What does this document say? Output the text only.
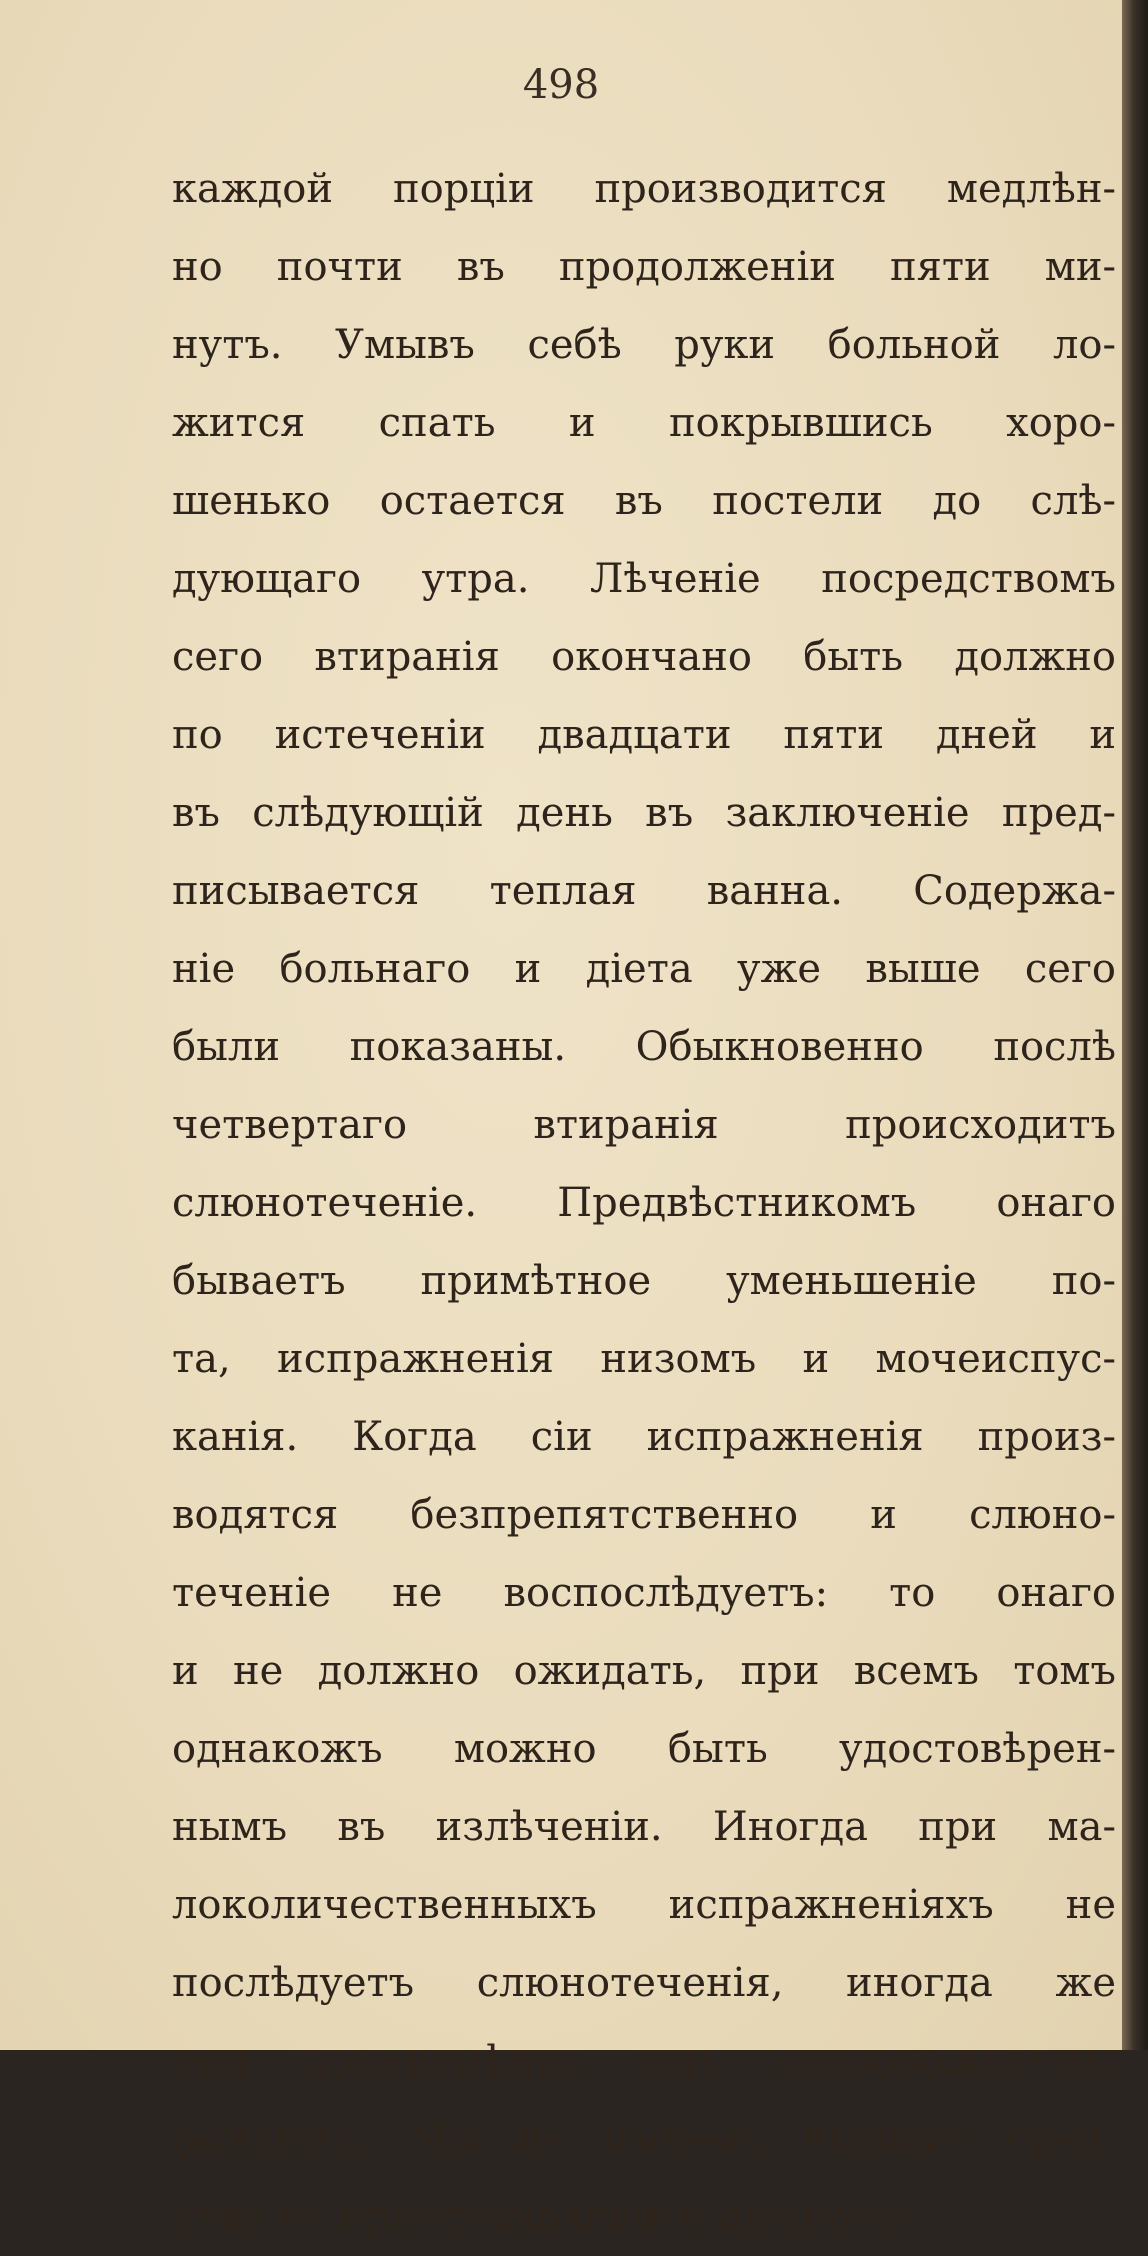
498

каждой порціи производится медлѣн-
но почти въ продолженіи пяти ми-
нутъ. Умывъ себѣ руки больной ло-
жится спать и покрывшись хоро-
шенько остается въ постели до слѣ-
дующаго утра. Лѣченіе посредствомъ
сего втиранія окончано быть должно
по истеченіи двадцати пяти дней и
въ слѣдующій день въ заключеніе пред-
писывается теплая ванна. Содержа-
ніе больнаго и діета уже выше сего
были показаны. Обыкновенно послѣ
четвертаго втиранія происходитъ
слюнотеченіе. Предвѣстникомъ онаго
бываетъ примѣтное уменьшеніе по-
та, испражненія низомъ и мочеиспус-
канія. Когда сіи испражненія произ-
водятся безпрепятственно и слюно-
теченіе не воспослѣдуетъ: то онаго
и не должно ожидать, при всемъ томъ
однакожъ можно быть удостовѣрен-
нымъ въ излѣченіи. Иногда при ма-
локоличественныхъ испражненіяхъ не
послѣдуетъ слюнотеченія, иногда же
они поперемѣнно имъ сопровождаемы
бываютъ. Мы не имѣемъ вѣрнаго сред-
ства къ приостановленію слюноте-
